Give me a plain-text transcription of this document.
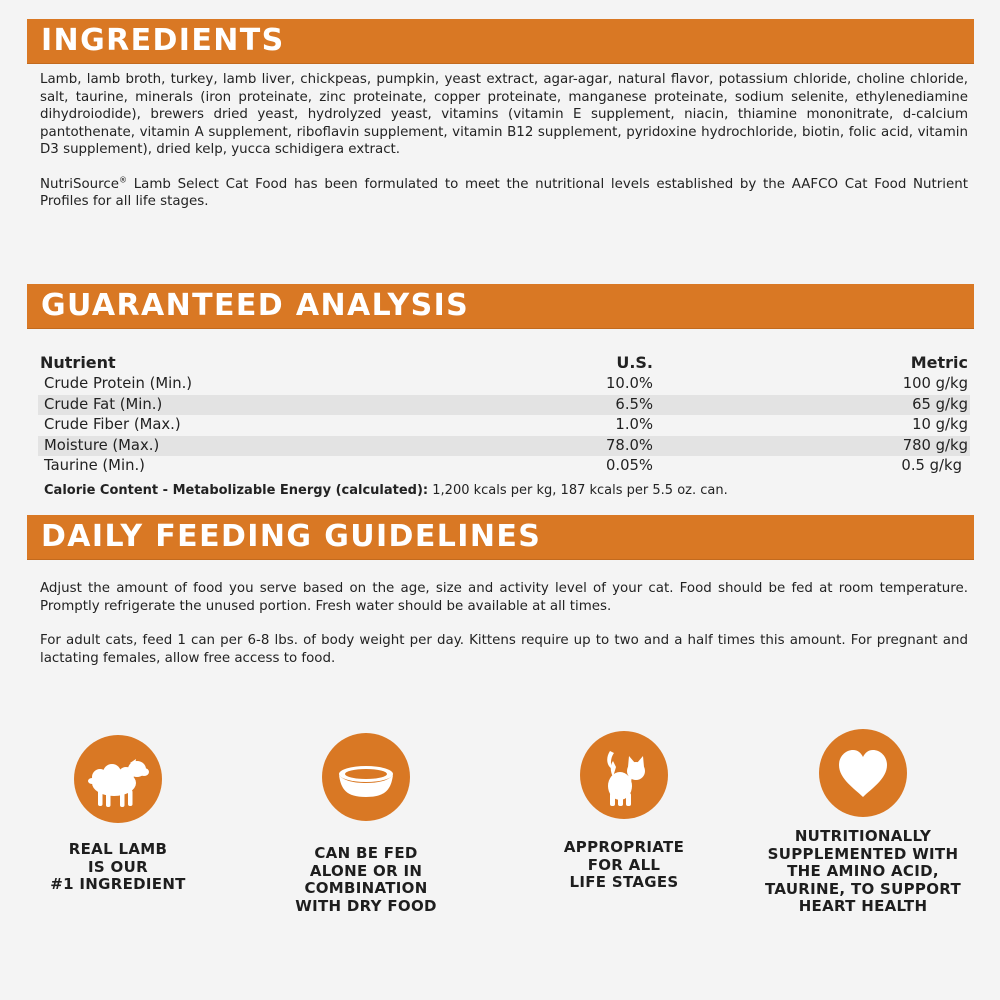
INGREDIENTS

Lamb, lamb broth, turkey, lamb liver, chickpeas, pumpkin, yeast extract, agar-agar, natural flavor, potassium chloride, choline chloride, salt, taurine, minerals (iron proteinate, zinc proteinate, copper proteinate, manganese proteinate, sodium selenite, ethylenediamine dihydroiodide), brewers dried yeast, hydrolyzed yeast, vitamins (vitamin E supplement, niacin, thiamine mononitrate, d-calcium pantothenate, vitamin A supplement, riboflavin supplement, vitamin B12 supplement, pyridoxine hydrochloride, biotin, folic acid, vitamin D3 supplement), dried kelp, yucca schidigera extract.

NutriSource® Lamb Select Cat Food has been formulated to meet the nutritional levels established by the AAFCO Cat Food Nutrient Profiles for all life stages.

GUARANTEED ANALYSIS
Nutrient	U.S.	Metric
Crude Protein (Min.)	10.0%	100 g/kg
Crude Fat (Min.)	6.5%	65 g/kg
Crude Fiber (Max.)	1.0%	10 g/kg
Moisture (Max.)	78.0%	780 g/kg
Taurine (Min.)	0.05%	0.5 g/kg
Calorie Content - Metabolizable Energy (calculated): 1,200 kcals per kg, 187 kcals per 5.5 oz. can.
DAILY FEEDING GUIDELINES

Adjust the amount of food you serve based on the age, size and activity level of your cat. Food should be fed at room temperature. Promptly refrigerate the unused portion. Fresh water should be available at all times.

For adult cats, feed 1 can per 6-8 lbs. of body weight per day. Kittens require up to two and a half times this amount. For pregnant and lactating females, allow free access to food.

REAL LAMB
IS OUR
#1 INGREDIENT
CAN BE FED
ALONE OR IN
COMBINATION
WITH DRY FOOD
APPROPRIATE
FOR ALL
LIFE STAGES
NUTRITIONALLY
SUPPLEMENTED WITH
THE AMINO ACID,
TAURINE, TO SUPPORT
HEART HEALTH
